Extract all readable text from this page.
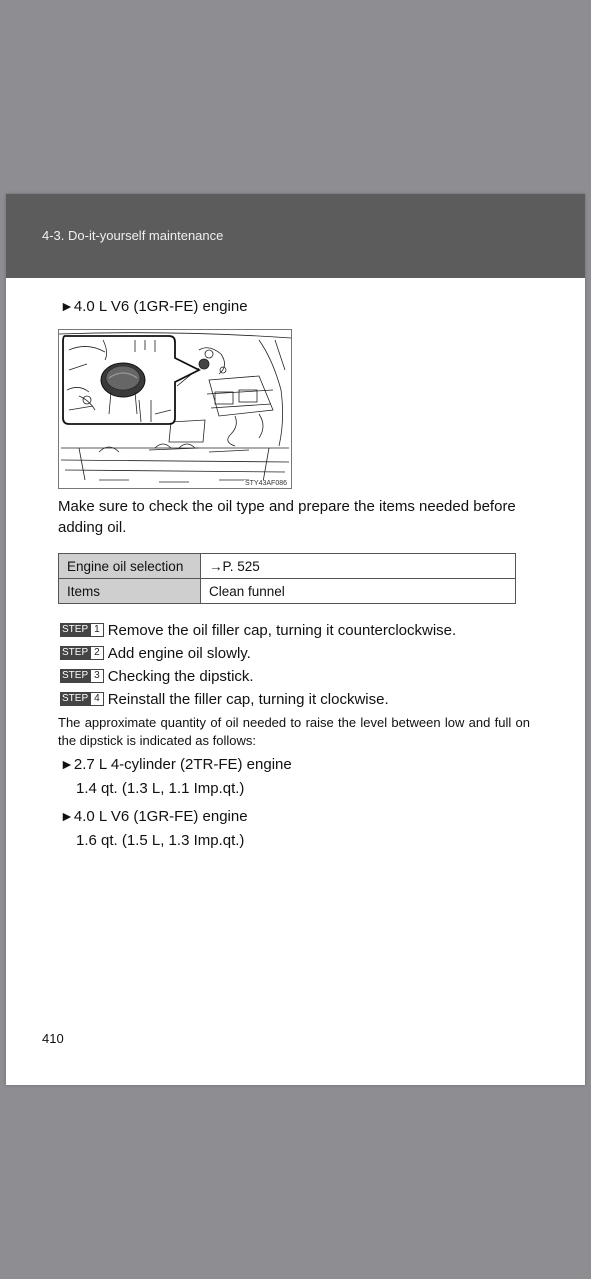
4-3. Do-it-yourself maintenance
►4.0 L V6 (1GR-FE) engine
STY43AF086
Make sure to check the oil type and prepare the items needed before adding oil.
Engine oil selection	→P. 525
Items	Clean funnel
STEP 1 Remove the oil filler cap, turning it counterclockwise.
STEP 2 Add engine oil slowly.
STEP 3 Checking the dipstick.
STEP 4 Reinstall the filler cap, turning it clockwise.
The approximate quantity of oil needed to raise the level between low and full on the dipstick is indicated as follows:
►2.7 L 4-cylinder (2TR-FE) engine
1.4 qt. (1.3 L, 1.1 Imp.qt.)
►4.0 L V6 (1GR-FE) engine
1.6 qt. (1.5 L, 1.3 Imp.qt.)
410
